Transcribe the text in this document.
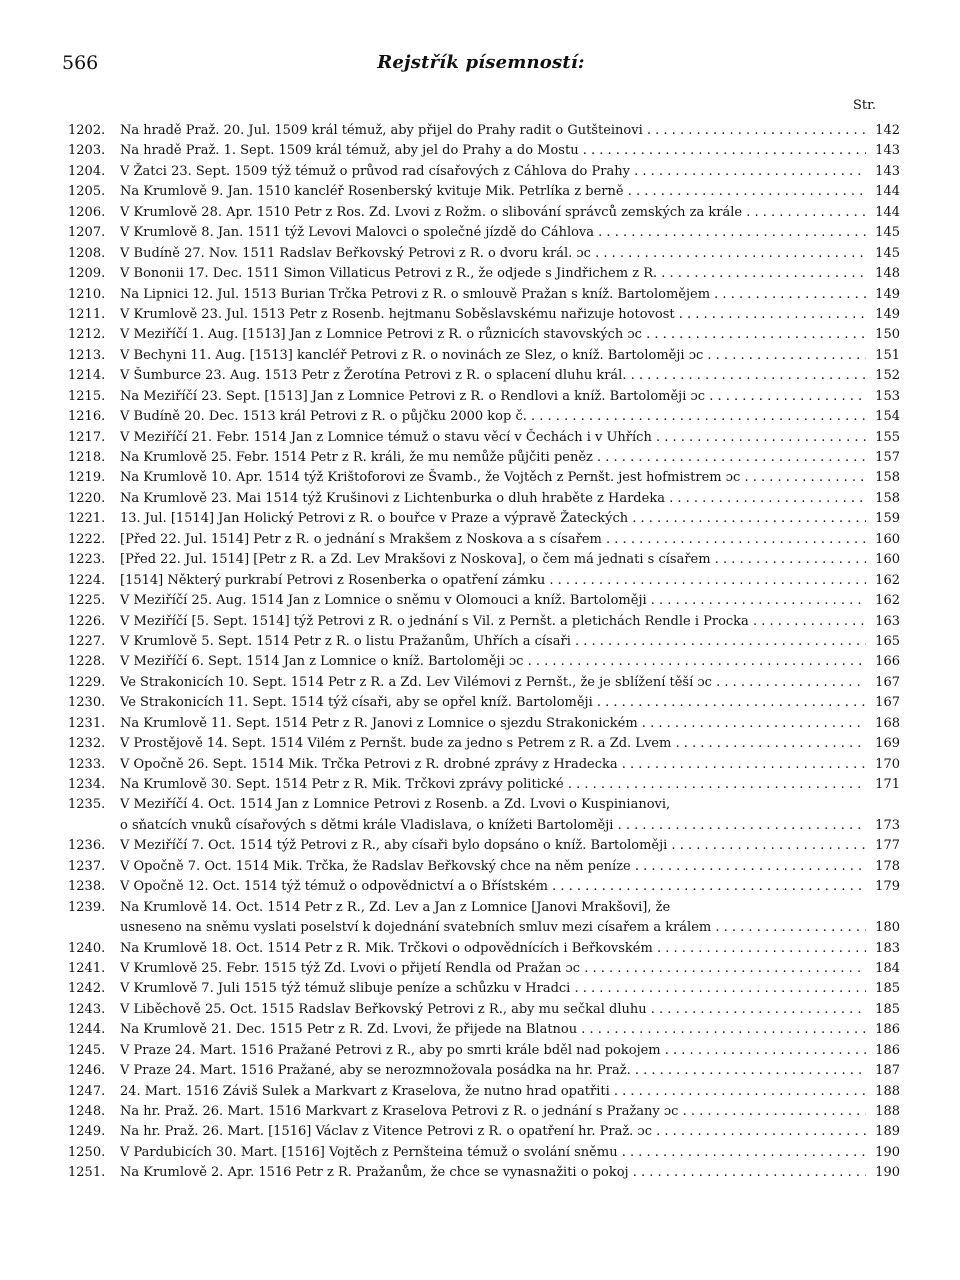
566	Rejstřík písemností:
Str.
1202.	Na hradě Praž. 20. Jul. 1509 král témuž, aby přijel do Prahy radit o Gutšteinovi . . .	142
1203.	Na hradě Praž. 1. Sept. 1509 král témuž, aby jel do Prahy a do Mostu . . .	143
1204.	V Žatci 23. Sept. 1509 týž témuž o průvod rad císařových z Cáhlova do Prahy . . .	143
1205.	Na Krumlově 9. Jan. 1510 kancléř Rosenberský kvituje Mik. Petrlíka z berně . . .	144
1206.	V Krumlově 28. Apr. 1510 Petr z Ros. Zd. Lvovi z Rožm. o slibování správců zemských za krále . . .	144
1207.	V Krumlově 8. Jan. 1511 týž Levovi Malovci o společné jízdě do Cáhlova . . .	145
1208.	V Budíně 27. Nov. 1511 Radslav Beřkovský Petrovi z R. o dvoru král. ɔc . . .	145
1209.	V Bononii 17. Dec. 1511 Simon Villaticus Petrovi z R., že odjede s Jindřichem z R. . . .	148
1210.	Na Lipnici 12. Jul. 1513 Burian Trčka Petrovi z R. o smlouvě Pražan s kníž. Bartolomějem . . .	149
1211.	V Krumlově 23. Jul. 1513 Petr z Rosenb. hejtmanu Soběslavskému nařizuje hotovost . . .	149
1212.	V Meziříčí 1. Aug. [1513] Jan z Lomnice Petrovi z R. o různicích stavovských ɔc . . .	150
1213.	V Bechyni 11. Aug. [1513] kancléř Petrovi z R. o novinách ze Slez, o kníž. Bartoloměji ɔc . . .	151
1214.	V Šumburce 23. Aug. 1513 Petr z Žerotína Petrovi z R. o splacení dluhu král. . . .	152
1215.	Na Meziříčí 23. Sept. [1513] Jan z Lomnice Petrovi z R. o Rendlovi a kníž. Bartoloměji ɔc . . .	153
1216.	V Budíně 20. Dec. 1513 král Petrovi z R. o půjčku 2000 kop č. . . .	154
1217.	V Meziříčí 21. Febr. 1514 Jan z Lomnice témuž o stavu věcí v Čechách i v Uhřích . . .	155
1218.	Na Krumlově 25. Febr. 1514 Petr z R. králi, že mu nemůže půjčiti peněz . . .	157
1219.	Na Krumlově 10. Apr. 1514 týž Krištoforovi ze Švamb., že Vojtěch z Pernšt. jest hofmistrem ɔc . . .	158
1220.	Na Krumlově 23. Mai 1514 týž Krušinovi z Lichtenburka o dluh hraběte z Hardeka . . .	158
1221.	13. Jul. [1514] Jan Holický Petrovi z R. o bouřce v Praze a výpravě Žateckých . . .	159
1222.	[Před 22. Jul. 1514] Petr z R. o jednání s Mrakšem z Noskova a s císařem . . .	160
1223.	[Před 22. Jul. 1514] [Petr z R. a Zd. Lev Mrakšovi z Noskova], o čem má jednati s císařem . . .	160
1224.	[1514] Některý purkrabí Petrovi z Rosenberka o opatření zámku . . .	162
1225.	V Meziříčí 25. Aug. 1514 Jan z Lomnice o sněmu v Olomouci a kníž. Bartoloměji . . .	162
1226.	V Meziříčí [5. Sept. 1514] týž Petrovi z R. o jednání s Vil. z Pernšt. a pletichách Rendle i Procka . . .	163
1227.	V Krumlově 5. Sept. 1514 Petr z R. o listu Pražanům, Uhřích a císaři . . .	165
1228.	V Meziříčí 6. Sept. 1514 Jan z Lomnice o kníž. Bartoloměji ɔc . . .	166
1229.	Ve Strakonicích 10. Sept. 1514 Petr z R. a Zd. Lev Vilémovi z Pernšt., že je sblížení těší ɔc . . .	167
1230.	Ve Strakonicích 11. Sept. 1514 týž císaři, aby se opřel kníž. Bartoloměji . . .	167
1231.	Na Krumlově 11. Sept. 1514 Petr z R. Janovi z Lomnice o sjezdu Strakonickém . . .	168
1232.	V Prostějově 14. Sept. 1514 Vilém z Pernšt. bude za jedno s Petrem z R. a Zd. Lvem . . .	169
1233.	V Opočně 26. Sept. 1514 Mik. Trčka Petrovi z R. drobné zprávy z Hradecka . . .	170
1234.	Na Krumlově 30. Sept. 1514 Petr z R. Mik. Trčkovi zprávy politické . . .	171
1235.	V Meziříčí 4. Oct. 1514 Jan z Lomnice Petrovi z Rosenb. a Zd. Lvovi o Kuspinianovi,
o sňatcích vnuků císařových s dětmi krále Vladislava, o knížeti Bartoloměji . . .	173
1236.	V Meziříčí 7. Oct. 1514 týž Petrovi z R., aby císaři bylo dopsáno o kníž. Bartoloměji . . .	177
1237.	V Opočně 7. Oct. 1514 Mik. Trčka, že Radslav Beřkovský chce na něm peníze . . .	178
1238.	V Opočně 12. Oct. 1514 týž témuž o odpovědnictví a o Břístském . . .	179
1239.	Na Krumlově 14. Oct. 1514 Petr z R., Zd. Lev a Jan z Lomnice [Janovi Mrakšovi], že
usneseno na sněmu vyslati poselství k dojednání svatebních smluv mezi císařem a králem . . .	180
1240.	Na Krumlově 18. Oct. 1514 Petr z R. Mik. Trčkovi o odpovědnících i Beřkovském . . .	183
1241.	V Krumlově 25. Febr. 1515 týž Zd. Lvovi o přijetí Rendla od Pražan ɔc . . .	184
1242.	V Krumlově 7. Juli 1515 týž témuž slibuje peníze a schůzku v Hradci . . .	185
1243.	V Liběchově 25. Oct. 1515 Radslav Beřkovský Petrovi z R., aby mu sečkal dluhu . . .	185
1244.	Na Krumlově 21. Dec. 1515 Petr z R. Zd. Lvovi, že přijede na Blatnou . . .	186
1245.	V Praze 24. Mart. 1516 Pražané Petrovi z R., aby po smrti krále bděl nad pokojem . . .	186
1246.	V Praze 24. Mart. 1516 Pražané, aby se nerozmnožovala posádka na hr. Praž. . . .	187
1247.	24. Mart. 1516 Záviš Sulek a Markvart z Kraselova, že nutno hrad opatřiti . . .	188
1248.	Na hr. Praž. 26. Mart. 1516 Markvart z Kraselova Petrovi z R. o jednání s Pražany ɔc . . .	188
1249.	Na hr. Praž. 26. Mart. [1516] Václav z Vitence Petrovi z R. o opatření hr. Praž. ɔc . . .	189
1250.	V Pardubicích 30. Mart. [1516] Vojtěch z Pernšteina témuž o svolání sněmu . . .	190
1251.	Na Krumlově 2. Apr. 1516 Petr z R. Pražanům, že chce se vynasnažiti o pokoj . . .	190
